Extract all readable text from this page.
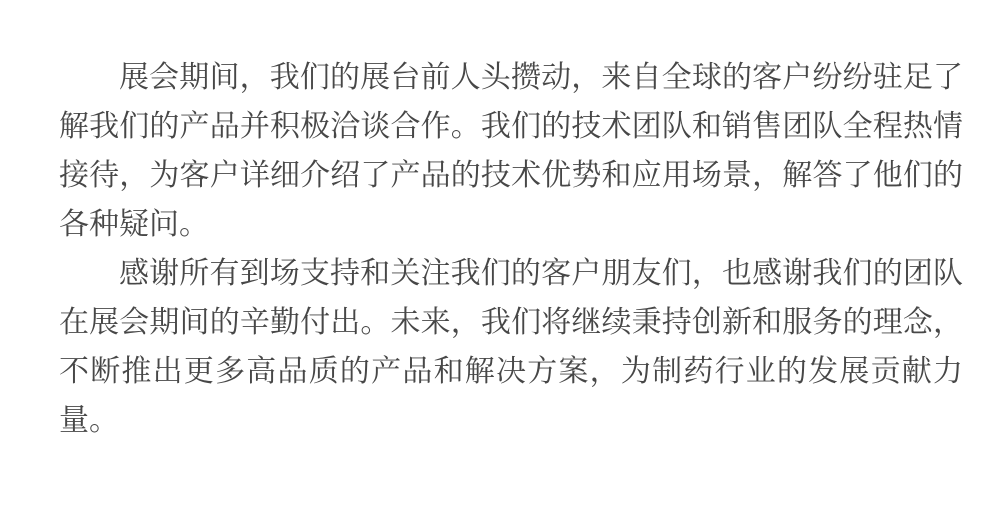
展会期间，我们的展台前人头攒动，来自全球的客户纷纷驻足了解我们的产品并积极洽谈合作。我们的技术团队和销售团队全程热情接待，为客户详细介绍了产品的技术优势和应用场景，解答了他们的各种疑问。

感谢所有到场支持和关注我们的客户朋友们，也感谢我们的团队在展会期间的辛勤付出。未来，我们将继续秉持创新和服务的理念，不断推出更多高品质的产品和解决方案，为制药行业的发展贡献力量。
